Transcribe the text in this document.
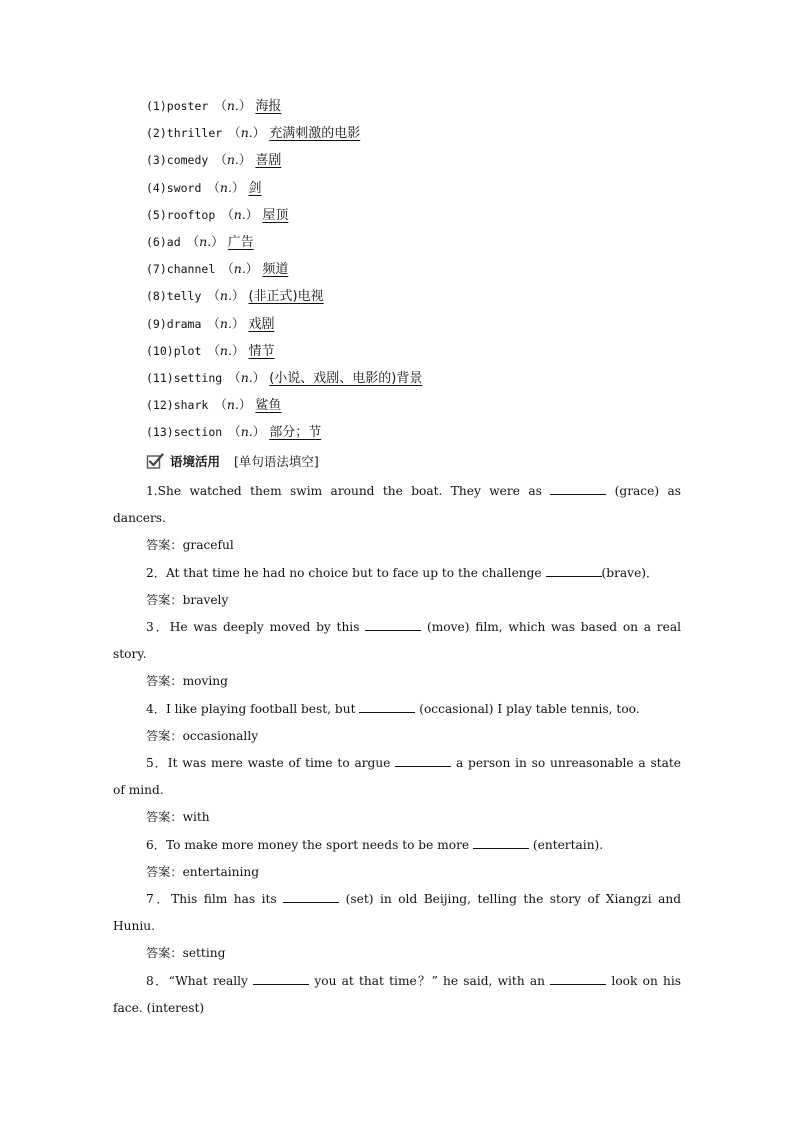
(1)poster （n.） 海报
(2)thriller （n.） 充满刺激的电影
(3)comedy （n.） 喜剧
(4)sword （n.） 剑
(5)rooftop （n.） 屋顶
(6)ad （n.） 广告
(7)channel （n.） 频道
(8)telly （n.） (非正式)电视
(9)drama （n.） 戏剧
(10)plot （n.） 情节
(11)setting （n.） (小说、戏剧、电影的)背景
(12)shark （n.） 鲨鱼
(13)section （n.） 部分；节
语境活用 [单句语法填空]
1.She watched them swim around the boat. They were as	(grace) as dancers.
答案：graceful
2．At that time he had no choice but to face up to the challenge	(brave)．
答案：bravely
3．He was deeply moved by this	(move) film, which was based on a real story.
答案：moving
4．I like playing football best, but	(occasional) I play table tennis, too.
答案：occasionally
5．It was mere waste of time to argue	a person in so unreasonable a state of mind.
答案：with
6．To make more money the sport needs to be more	(entertain).
答案：entertaining
7．This film has its	(set) in old Beijing, telling the story of Xiangzi and Huniu.
答案：setting
8．“What really	you at that time？” he said, with an	look on his face. (interest)
